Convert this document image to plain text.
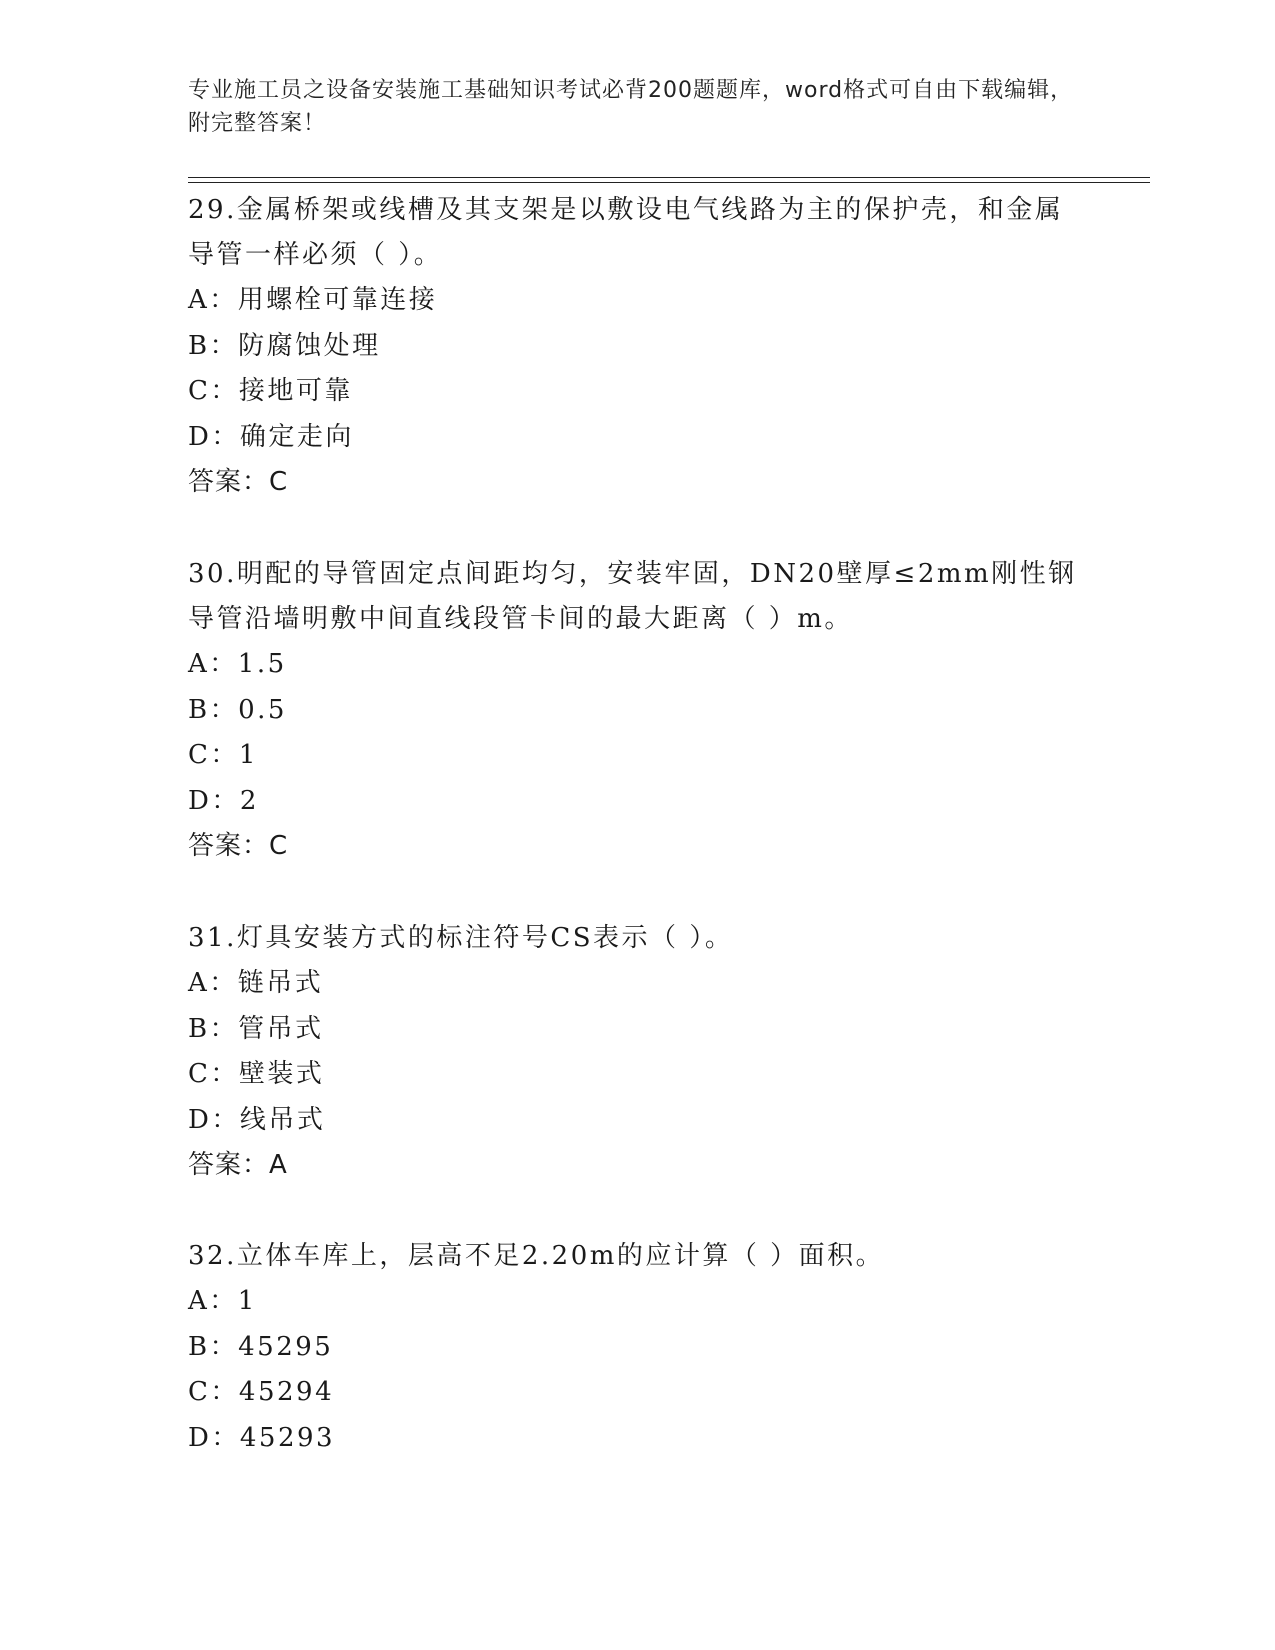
专业施工员之设备安装施工基础知识考试必背200题题库，word格式可自由下载编辑，附完整答案！

29.金属桥架或线槽及其支架是以敷设电气线路为主的保护壳，和金属导管一样必须（ ）。

A：用螺栓可靠连接

B：防腐蚀处理

C：接地可靠

D：确定走向

答案：C

30.明配的导管固定点间距均匀，安装牢固，DN20壁厚≤2mm刚性钢导管沿墙明敷中间直线段管卡间的最大距离（ ）m。

A：1.5

B：0.5

C：1

D：2

答案：C

31.灯具安装方式的标注符号CS表示（ ）。

A：链吊式

B：管吊式

C：壁装式

D：线吊式

答案：A

32.立体车库上，层高不足2.20m的应计算（ ）面积。

A：1

B：45295

C：45294

D：45293
